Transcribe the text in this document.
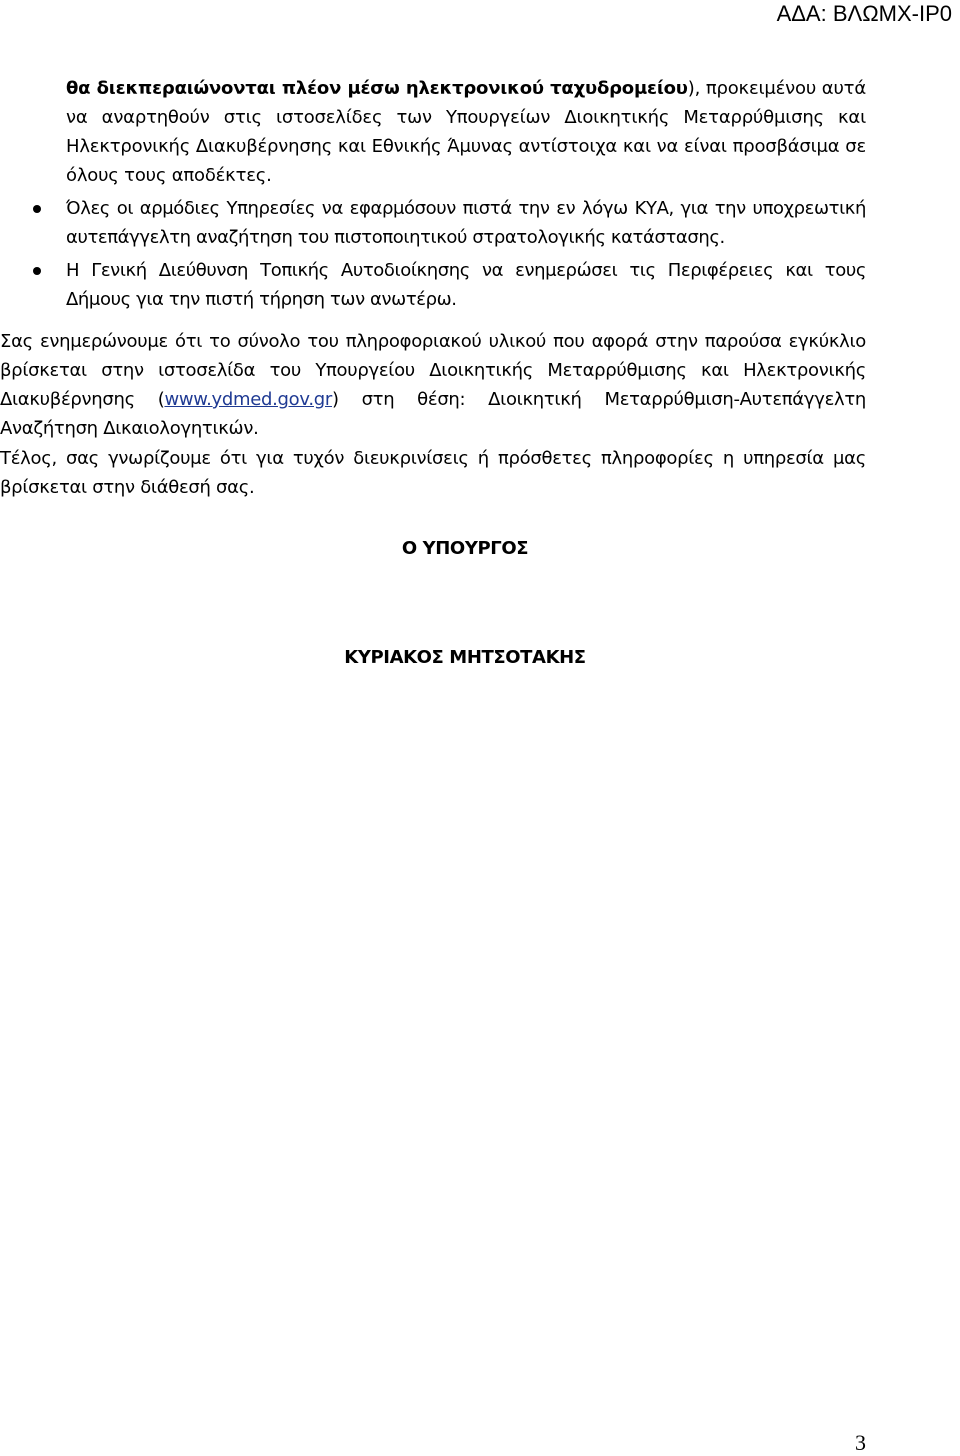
ΑΔΑ: ΒΛΩΜΧ-ΙΡ0
θα διεκπεραιώνονται πλέον μέσω ηλεκτρονικού ταχυδρομείου), προκειμένου αυτά να αναρτηθούν στις ιστοσελίδες των Υπουργείων Διοικητικής Μεταρρύθμισης και Ηλεκτρονικής Διακυβέρνησης και Εθνικής Άμυνας αντίστοιχα και να είναι προσβάσιμα σε όλους τους αποδέκτες.
Όλες οι αρμόδιες Υπηρεσίες να εφαρμόσουν πιστά την εν λόγω ΚΥΑ, για την υποχρεωτική αυτεπάγγελτη αναζήτηση του πιστοποιητικού στρατολογικής κατάστασης.
Η Γενική Διεύθυνση Τοπικής Αυτοδιοίκησης να ενημερώσει τις Περιφέρειες και τους Δήμους για την πιστή τήρηση των ανωτέρω.
Σας ενημερώνουμε ότι το σύνολο του πληροφοριακού υλικού που αφορά στην παρούσα εγκύκλιο βρίσκεται στην ιστοσελίδα του Υπουργείου Διοικητικής Μεταρρύθμισης και Ηλεκτρονικής Διακυβέρνησης (www.ydmed.gov.gr) στη θέση: Διοικητική Μεταρρύθμιση-Αυτεπάγγελτη Αναζήτηση Δικαιολογητικών.
Τέλος, σας γνωρίζουμε ότι για τυχόν διευκρινίσεις ή πρόσθετες πληροφορίες η υπηρεσία μας βρίσκεται στην διάθεσή σας.
Ο ΥΠΟΥΡΓΟΣ
ΚΥΡΙΑΚΟΣ ΜΗΤΣΟΤΑΚΗΣ
3
